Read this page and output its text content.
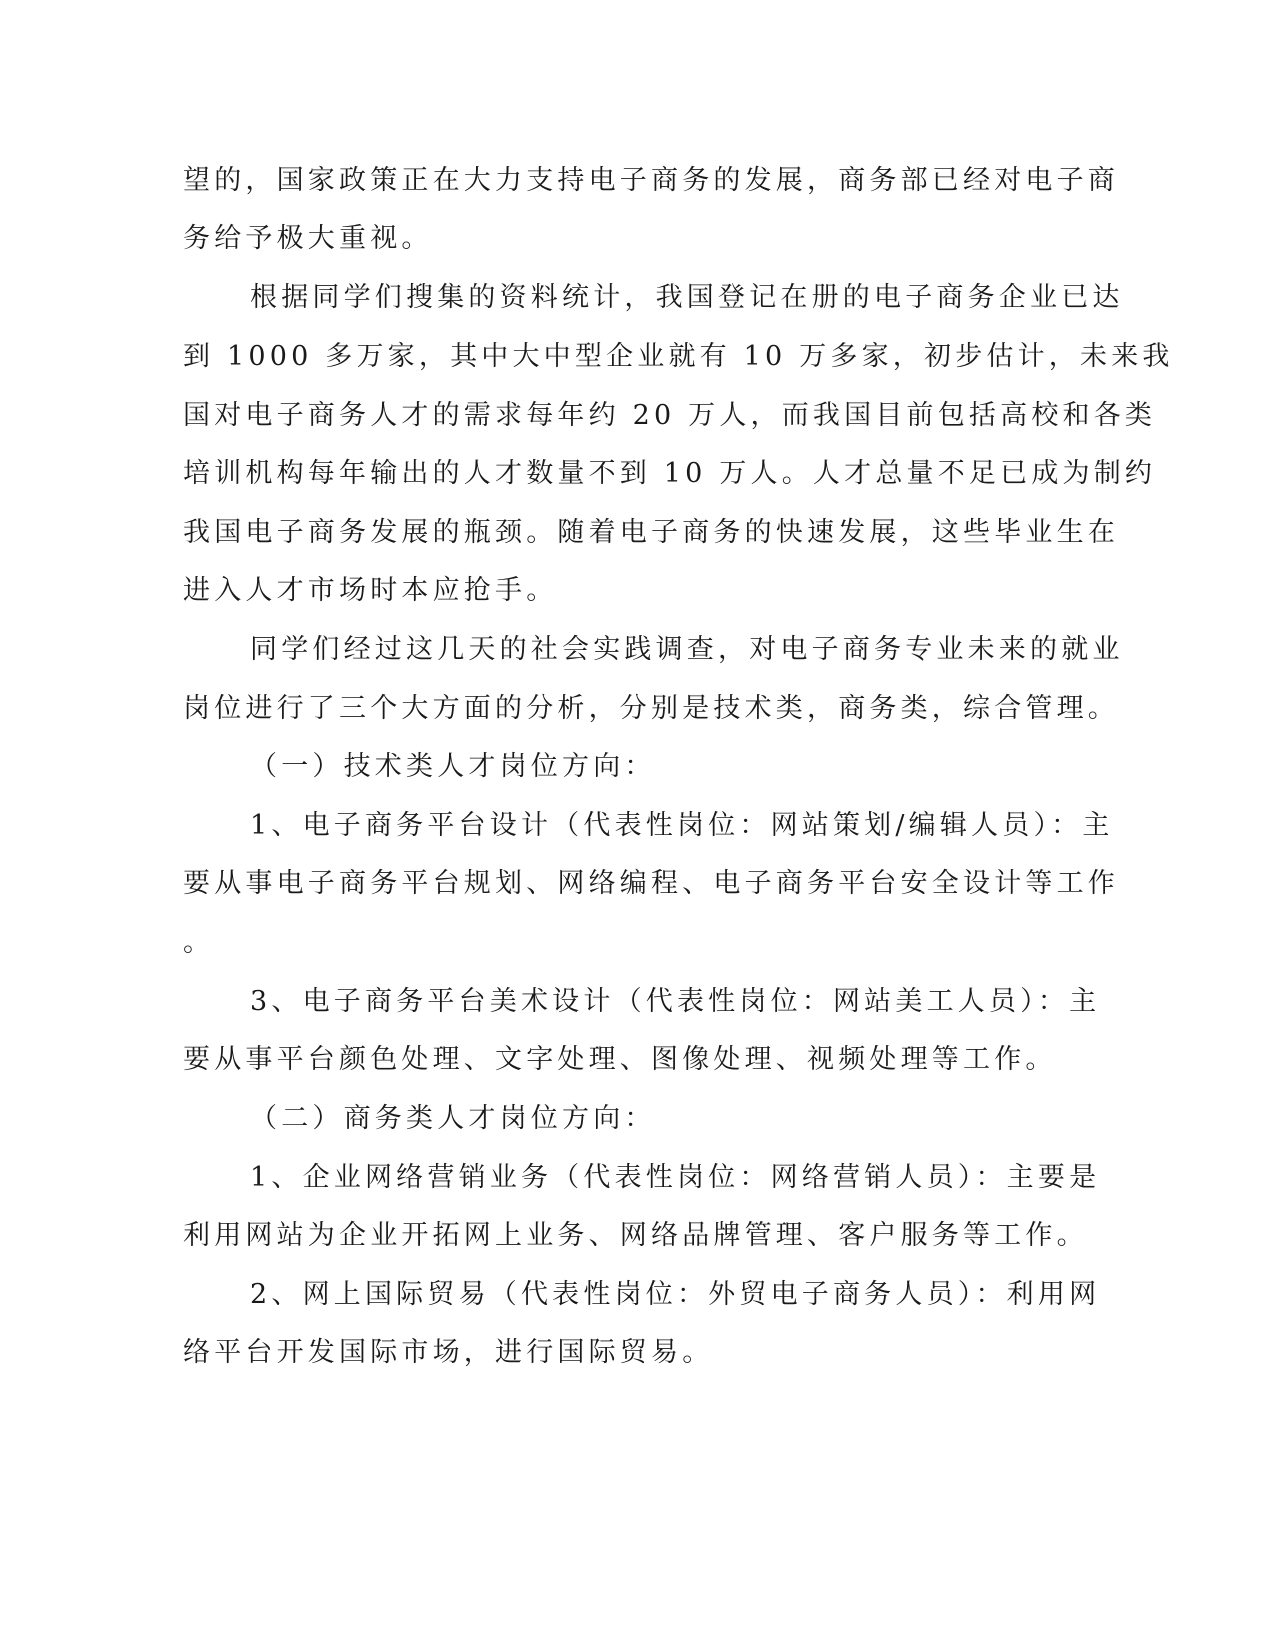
望的，国家政策正在大力支持电子商务的发展，商务部已经对电子商
务给予极大重视。
根据同学们搜集的资料统计，我国登记在册的电子商务企业已达
到 1000 多万家，其中大中型企业就有 10 万多家，初步估计，未来我
国对电子商务人才的需求每年约 20 万人，而我国目前包括高校和各类
培训机构每年输出的人才数量不到 10 万人。人才总量不足已成为制约
我国电子商务发展的瓶颈。随着电子商务的快速发展，这些毕业生在
进入人才市场时本应抢手。
同学们经过这几天的社会实践调查，对电子商务专业未来的就业
岗位进行了三个大方面的分析，分别是技术类，商务类，综合管理。
（一）技术类人才岗位方向：
1、电子商务平台设计（代表性岗位：网站策划/编辑人员）：主
要从事电子商务平台规划、网络编程、电子商务平台安全设计等工作
。
3、电子商务平台美术设计（代表性岗位：网站美工人员）：主
要从事平台颜色处理、文字处理、图像处理、视频处理等工作。
（二）商务类人才岗位方向：
1、企业网络营销业务（代表性岗位：网络营销人员）：主要是
利用网站为企业开拓网上业务、网络品牌管理、客户服务等工作。
2、网上国际贸易（代表性岗位：外贸电子商务人员）：利用网
络平台开发国际市场，进行国际贸易。
